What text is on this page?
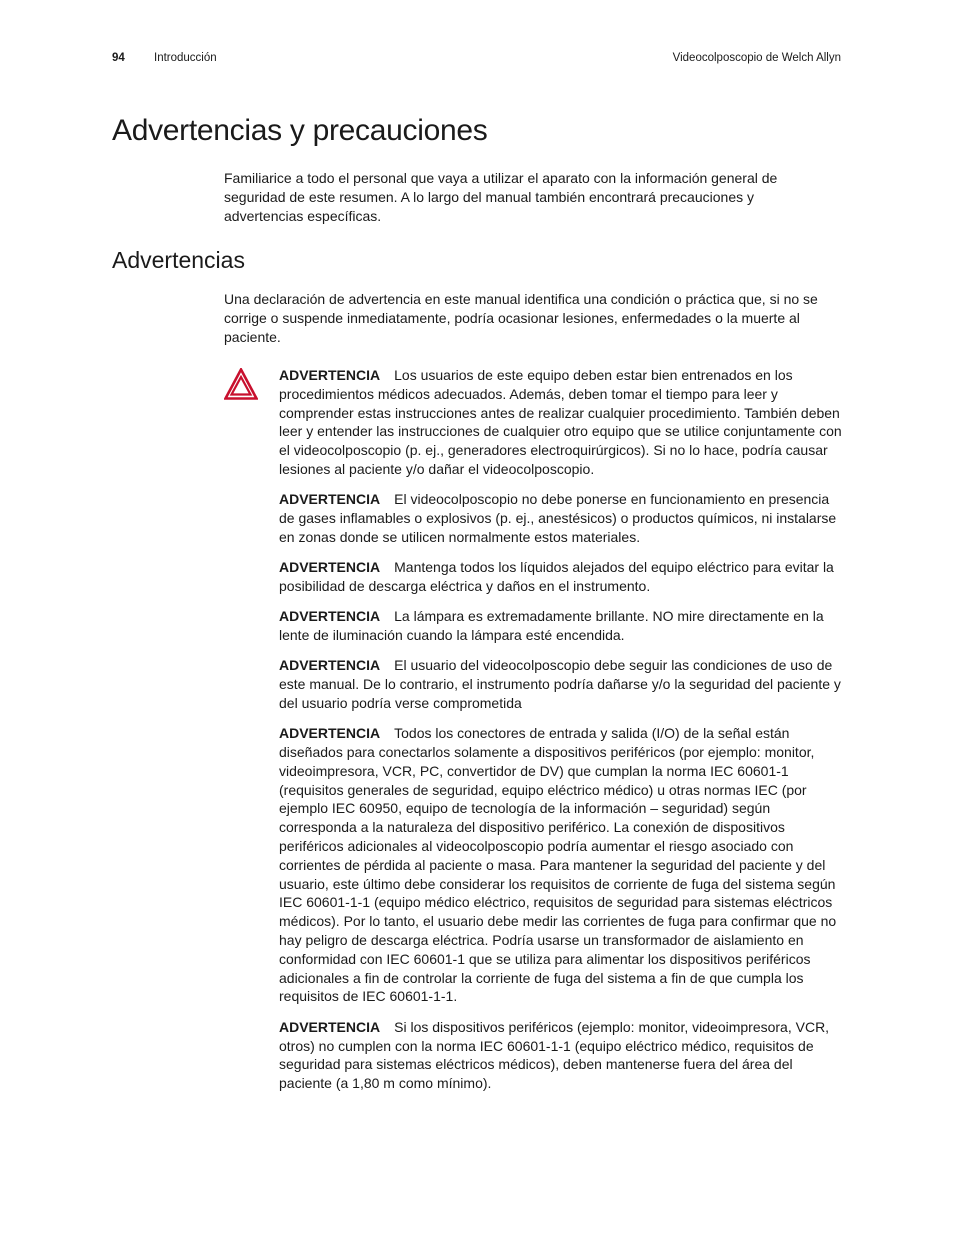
94	Introducción	Videocolposcopio de Welch Allyn
Advertencias y precauciones

Familiarice a todo el personal que vaya a utilizar el aparato con la información general de seguridad de este resumen. A lo largo del manual también encontrará precauciones y advertencias específicas.

Advertencias

Una declaración de advertencia en este manual identifica una condición o práctica que, si no se corrige o suspende inmediatamente, podría ocasionar lesiones, enfermedades o la muerte al paciente.

ADVERTENCIA Los usuarios de este equipo deben estar bien entrenados en los procedimientos médicos adecuados. Además, deben tomar el tiempo para leer y comprender estas instrucciones antes de realizar cualquier procedimiento. También deben leer y entender las instrucciones de cualquier otro equipo que se utilice conjuntamente con el videocolposcopio (p. ej., generadores electroquirúrgicos). Si no lo hace, podría causar lesiones al paciente y/o dañar el videocolposcopio.

ADVERTENCIA El videocolposcopio no debe ponerse en funcionamiento en presencia de gases inflamables o explosivos (p. ej., anestésicos) o productos químicos, ni instalarse en zonas donde se utilicen normalmente estos materiales.

ADVERTENCIA Mantenga todos los líquidos alejados del equipo eléctrico para evitar la posibilidad de descarga eléctrica y daños en el instrumento.

ADVERTENCIA La lámpara es extremadamente brillante. NO mire directamente en la lente de iluminación cuando la lámpara esté encendida.

ADVERTENCIA El usuario del videocolposcopio debe seguir las condiciones de uso de este manual. De lo contrario, el instrumento podría dañarse y/o la seguridad del paciente y del usuario podría verse comprometida

ADVERTENCIA Todos los conectores de entrada y salida (I/O) de la señal están diseñados para conectarlos solamente a dispositivos periféricos (por ejemplo: monitor, videoimpresora, VCR, PC, convertidor de DV) que cumplan la norma IEC 60601-1 (requisitos generales de seguridad, equipo eléctrico médico) u otras normas IEC (por ejemplo IEC 60950, equipo de tecnología de la información – seguridad) según corresponda a la naturaleza del dispositivo periférico. La conexión de dispositivos periféricos adicionales al videocolposcopio podría aumentar el riesgo asociado con corrientes de pérdida al paciente o masa. Para mantener la seguridad del paciente y del usuario, este último debe considerar los requisitos de corriente de fuga del sistema según IEC 60601-1-1 (equipo médico eléctrico, requisitos de seguridad para sistemas eléctricos médicos). Por lo tanto, el usuario debe medir las corrientes de fuga para confirmar que no hay peligro de descarga eléctrica. Podría usarse un transformador de aislamiento en conformidad con IEC 60601-1 que se utiliza para alimentar los dispositivos periféricos adicionales a fin de controlar la corriente de fuga del sistema a fin de que cumpla los requisitos de IEC 60601-1-1.

ADVERTENCIA Si los dispositivos periféricos (ejemplo: monitor, videoimpresora, VCR, otros) no cumplen con la norma IEC 60601-1-1 (equipo eléctrico médico, requisitos de seguridad para sistemas eléctricos médicos), deben mantenerse fuera del área del paciente (a 1,80 m como mínimo).
